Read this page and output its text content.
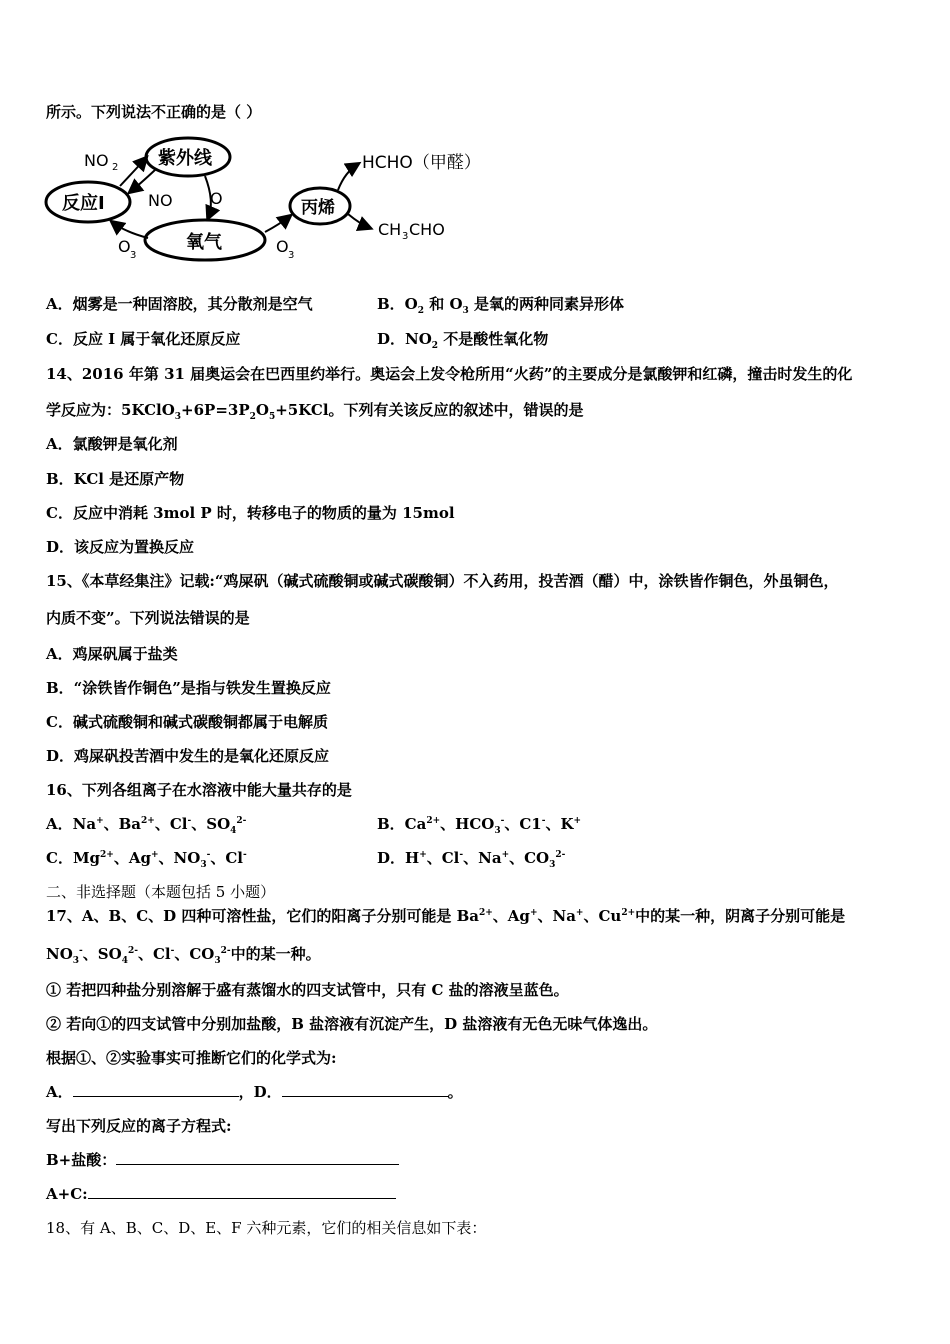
所示。下列说法不正确的是（ ）
紫外线
反应I
氧气
丙烯
NO 2
NO O
O 3	O 3
HCHO（甲醛）
CH 3 CHO
A．烟雾是一种固溶胶，其分散剂是空气	B．$O_2$ 和 $O_3$ 是氧的两种同素异形体
C．反应 I 属于氧化还原反应	D．$NO_2$ 不是酸性氧化物
14、2016 年第 31 届奥运会在巴西里约举行。奥运会上发令枪所用“火药”的主要成分是氯酸钾和红磷，撞击时发生的化
学反应为：$5KClO_3+6P=3P_2O_5+5KCl$。下列有关该反应的叙述中，错误的是
A．氯酸钾是氧化剂
B．KCl 是还原产物
C．反应中消耗 3mol P 时，转移电子的物质的量为 15mol
D．该反应为置换反应
15、《本草经集注》记载:“鸡屎矾（碱式硫酸铜或碱式碳酸铜）不入药用，投苦酒（醋）中，涂铁皆作铜色，外虽铜色，
内质不变”。下列说法错误的是
A．鸡屎矾属于盐类
B．“涂铁皆作铜色”是指与铁发生置换反应
C．碱式硫酸铜和碱式碳酸铜都属于电解质
D．鸡屎矾投苦酒中发生的是氧化还原反应
16、下列各组离子在水溶液中能大量共存的是
A．Na+、$Ba^{2+}$、Cl-、$SO_4^{2-}$	B．$Ca^{2+}$、$HCO_3^-$、C1-、K+
C．$Mg^{2+}$、Ag+、$NO_3^-$、Cl-	D．H+、Cl-、Na+、$CO_3^{2-}$
二、非选择题（本题包括 5 小题）
17、A、B、C、D 四种可溶性盐，它们的阳离子分别可能是 $Ba^{2+}$、Ag+、Na+、$Cu^{2+}$中的某一种，阴离子分别可能是
$NO_3^-$、$SO_4^{2-}$、Cl-、$CO_3^{2-}$中的某一种。
① 若把四种盐分别溶解于盛有蒸馏水的四支试管中，只有 C 盐的溶液呈蓝色。
② 若向①的四支试管中分别加盐酸，B 盐溶液有沉淀产生，D 盐溶液有无色无味气体逸出。
根据①、②实验事实可推断它们的化学式为:
A．	，D．	。
写出下列反应的离子方程式:
B+盐酸：
A+C:
18、有 A、B、C、D、E、F 六种元素，它们的相关信息如下表：
